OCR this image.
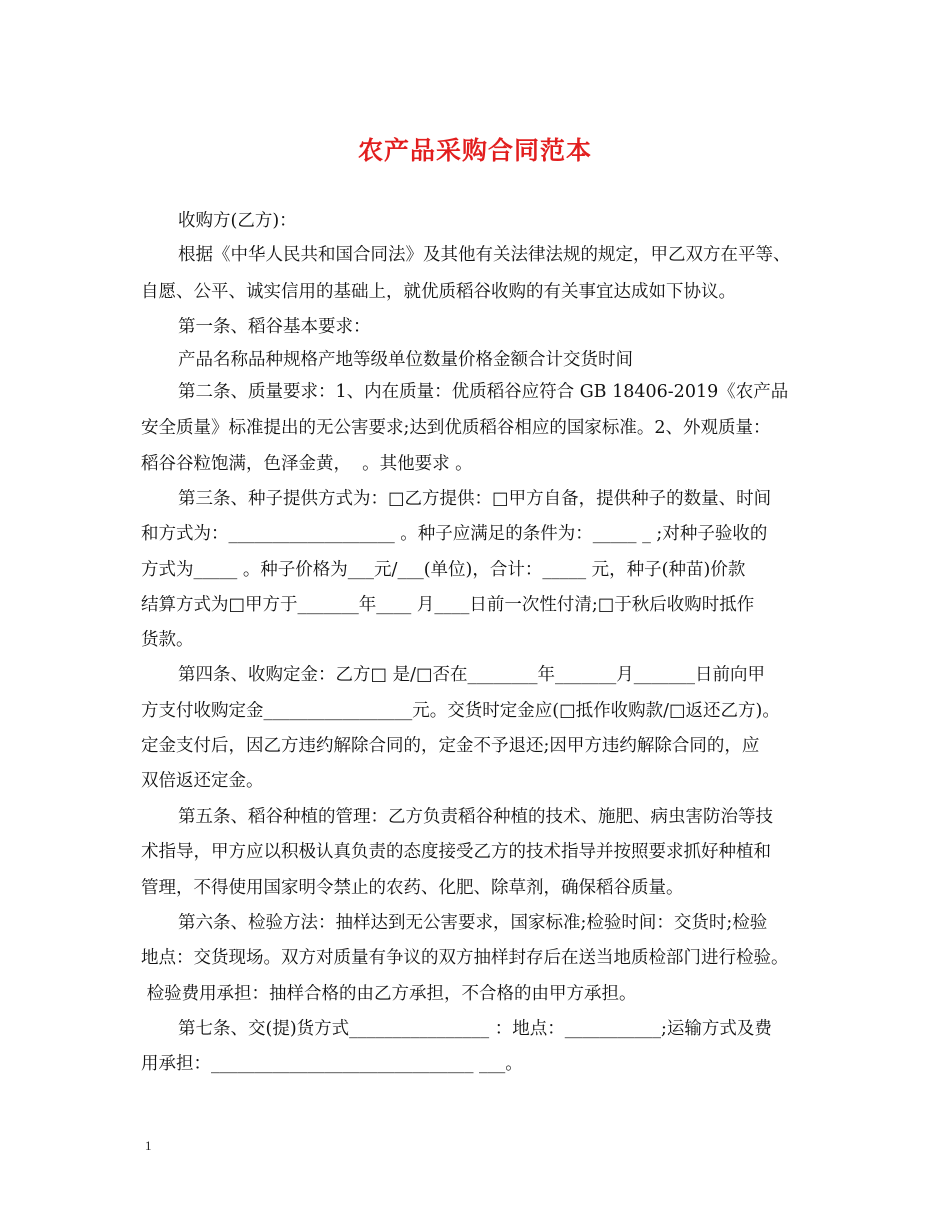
农产品采购合同范本
收购方(乙方)：
根据《中华人民共和国合同法》及其他有关法律法规的规定，甲乙双方在平等、
自愿、公平、诚实信用的基础上，就优质稻谷收购的有关事宜达成如下协议。
第一条、稻谷基本要求：
产品名称品种规格产地等级单位数量价格金额合计交货时间
第二条、质量要求：1、内在质量：优质稻谷应符合 GB 18406-2019《农产品
安全质量》标准提出的无公害要求;达到优质稻谷相应的国家标准。2、外观质量：
稻谷谷粒饱满，色泽金黄，  。其他要求 。
第三条、种子提供方式为：□乙方提供：□甲方自备，提供种子的数量、时间
和方式为：___________________ 。种子应满足的条件为：_____ _ ;对种子验收的
方式为_____ 。种子价格为___元/___(单位)，合计：_____ 元，种子(种苗)价款
结算方式为□甲方于_______年____ 月____日前一次性付清;□于秋后收购时抵作
货款。
第四条、收购定金：乙方□ 是/□否在________年_______月_______日前向甲
方支付收购定金_________________元。交货时定金应(□抵作收购款/□返还乙方)。
定金支付后，因乙方违约解除合同的，定金不予退还;因甲方违约解除合同的，应
双倍返还定金。
第五条、稻谷种植的管理：乙方负责稻谷种植的技术、施肥、病虫害防治等技
术指导，甲方应以积极认真负责的态度接受乙方的技术指导并按照要求抓好种植和
管理，不得使用国家明令禁止的农药、化肥、除草剂，确保稻谷质量。
第六条、检验方法：抽样达到无公害要求，国家标准;检验时间：交货时;检验
地点：交货现场。双方对质量有争议的双方抽样封存后在送当地质检部门进行检验。
检验费用承担：抽样合格的由乙方承担，不合格的由甲方承担。
第七条、交(提)货方式________________ ：地点：___________;运输方式及费
用承担：______________________________ ___。
1
